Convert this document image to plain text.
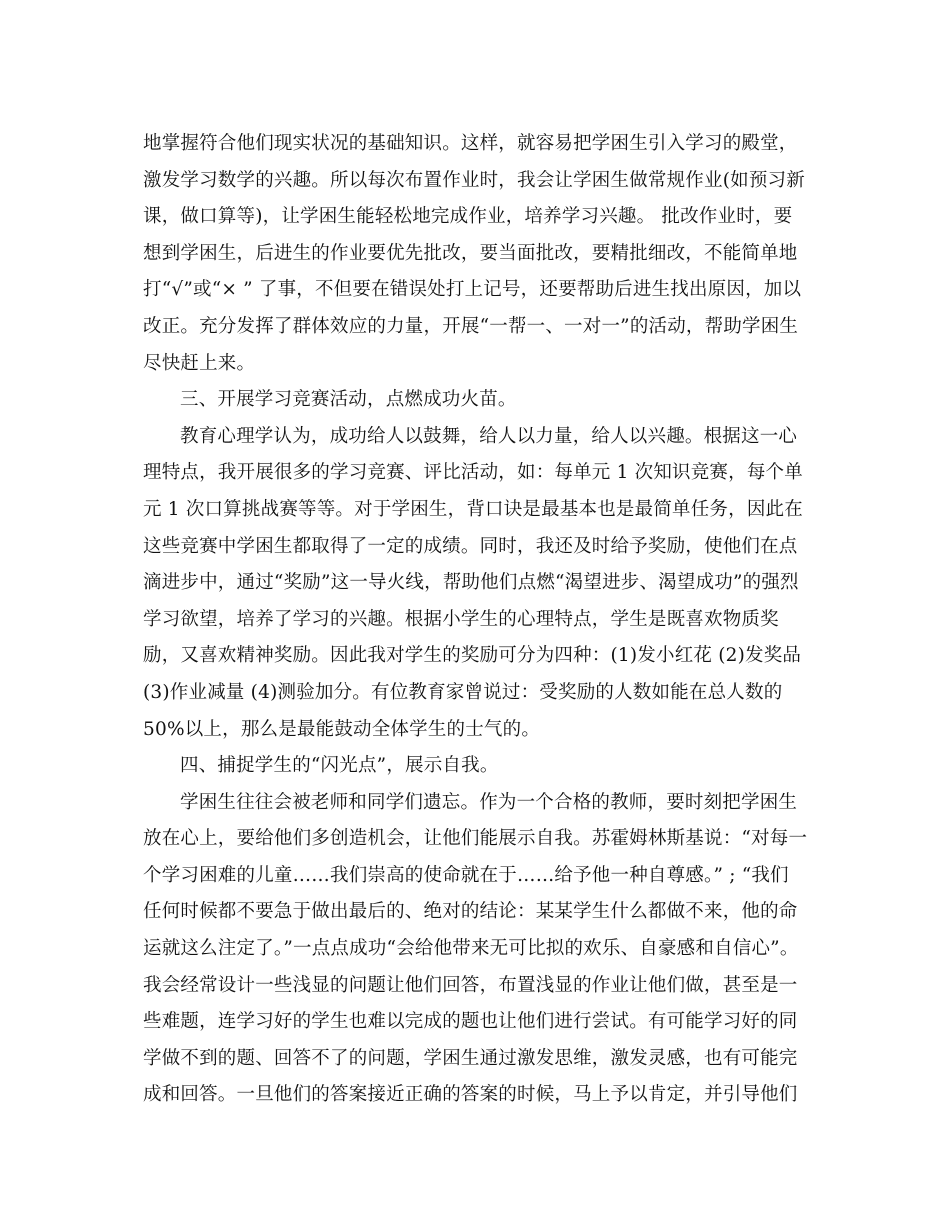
地掌握符合他们现实状况的基础知识。这样，就容易把学困生引入学习的殿堂，
激发学习数学的兴趣。所以每次布置作业时，我会让学困生做常规作业(如预习新
课，做口算等)，让学困生能轻松地完成作业，培养学习兴趣。 批改作业时，要
想到学困生，后进生的作业要优先批改，要当面批改，要精批细改，不能简单地
打“√”或“× ” 了事，不但要在错误处打上记号，还要帮助后进生找出原因，加以
改正。充分发挥了群体效应的力量，开展“一帮一、一对一”的活动，帮助学困生
尽快赶上来。
三、开展学习竞赛活动，点燃成功火苗。
教育心理学认为，成功给人以鼓舞，给人以力量，给人以兴趣。根据这一心
理特点，我开展很多的学习竞赛、评比活动，如：每单元 1 次知识竞赛，每个单
元 1 次口算挑战赛等等。对于学困生，背口诀是最基本也是最简单任务，因此在
这些竞赛中学困生都取得了一定的成绩。同时，我还及时给予奖励，使他们在点
滴进步中，通过“奖励”这一导火线，帮助他们点燃“渴望进步、渴望成功”的强烈
学习欲望，培养了学习的兴趣。根据小学生的心理特点，学生是既喜欢物质奖
励，又喜欢精神奖励。因此我对学生的奖励可分为四种：(1)发小红花 (2)发奖品
(3)作业减量 (4)测验加分。有位教育家曾说过：受奖励的人数如能在总人数的
50%以上，那么是最能鼓动全体学生的士气的。
四、捕捉学生的“闪光点”，展示自我。
学困生往往会被老师和同学们遗忘。作为一个合格的教师，要时刻把学困生
放在心上，要给他们多创造机会，让他们能展示自我。苏霍姆林斯基说：“对每一
个学习困难的儿童……我们崇高的使命就在于……给予他一种自尊感。” ; “我们
任何时候都不要急于做出最后的、绝对的结论：某某学生什么都做不来，他的命
运就这么注定了。”一点点成功“会给他带来无可比拟的欢乐、自豪感和自信心”。
我会经常设计一些浅显的问题让他们回答，布置浅显的作业让他们做，甚至是一
些难题，连学习好的学生也难以完成的题也让他们进行尝试。有可能学习好的同
学做不到的题、回答不了的问题，学困生通过激发思维，激发灵感，也有可能完
成和回答。一旦他们的答案接近正确的答案的时候，马上予以肯定，并引导他们
